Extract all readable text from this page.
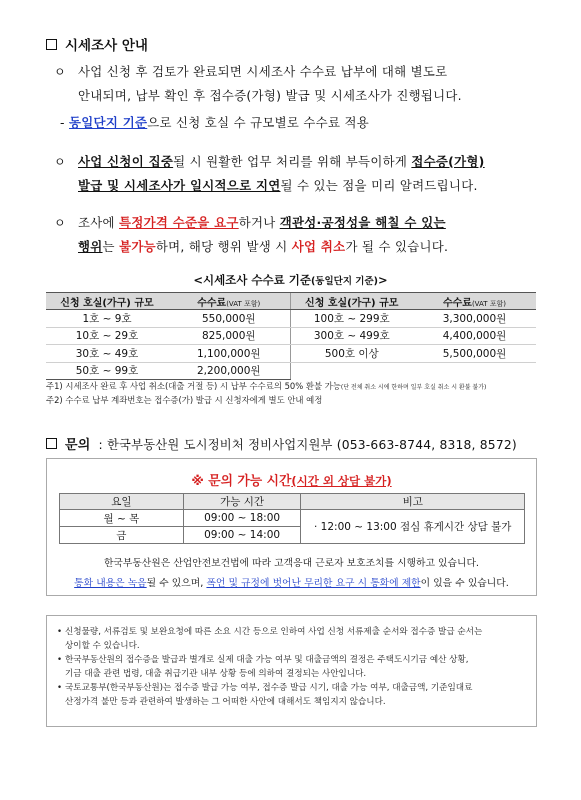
시세조사 안내
ㅇ 사업 신청 후 검토가 완료되면 시세조사 수수료 납부에 대해 별도로
안내되며, 납부 확인 후 접수증(가형) 발급 및 시세조사가 진행됩니다.
- 동일단지 기준으로 신청 호실 수 규모별로 수수료 적용
ㅇ 사업 신청이 집중될 시 원활한 업무 처리를 위해 부득이하게 접수증(가형)
발급 및 시세조사가 일시적으로 지연될 수 있는 점을 미리 알려드립니다.
ㅇ 조사에 특정가격 수준을 요구하거나 객관성·공정성을 해칠 수 있는
행위는 불가능하며, 해당 행위 발생 시 사업 취소가 될 수 있습니다.
<시세조사 수수료 기준(동일단지 기준)>
신청 호실(가구) 규모	수수료(VAT 포함)	신청 호실(가구) 규모	수수료(VAT 포함)
1호 ~ 9호	550,000원	100호 ~ 299호	3,300,000원
10호 ~ 29호	825,000원	300호 ~ 499호	4,400,000원
30호 ~ 49호	1,100,000원	500호 이상	5,500,000원
50호 ~ 99호	2,200,000원		
주1) 시세조사 완료 후 사업 취소(대출 거절 등) 시 납부 수수료의 50% 환불 가능(단 전체 취소 시에 한하며 일부 호실 취소 시 환불 불가)
주2) 수수료 납부 계좌번호는 접수증(가) 발급 시 신청자에게 별도 안내 예정
문의 : 한국부동산원 도시정비처 정비사업지원부 (053-663-8744, 8318, 8572)
※ 문의 가능 시간(시간 외 상담 불가)
요일	가능 시간	비고
월 ~ 목	09:00 ~ 18:00	· 12:00 ~ 13:00 점심 휴게시간 상담 불가
금	09:00 ~ 14:00	
한국부동산원은 산업안전보건법에 따라 고객응대 근로자 보호조치를 시행하고 있습니다.
통화 내용은 녹음될 수 있으며, 폭언 및 규정에 벗어난 무리한 요구 시 통화에 제한이 있을 수 있습니다.
• 신청물량, 서류검토 및 보완요청에 따른 소요 시간 등으로 인하여 사업 신청 서류제출 순서와 접수증 발급 순서는
상이할 수 있습니다.
• 한국부동산원의 접수증을 발급과 별개로 실제 대출 가능 여부 및 대출금액의 결정은 주택도시기금 예산 상황,
기금 대출 관련 법령, 대출 취급기관 내부 상황 등에 의하여 결정되는 사안입니다.
• 국토교통부(한국부동산원)는 접수증 발급 가능 여부, 접수증 발급 시기, 대출 가능 여부, 대출금액, 기준임대료
산정가격 불만 등과 관련하여 발생하는 그 어떠한 사안에 대해서도 책임지지 않습니다.
